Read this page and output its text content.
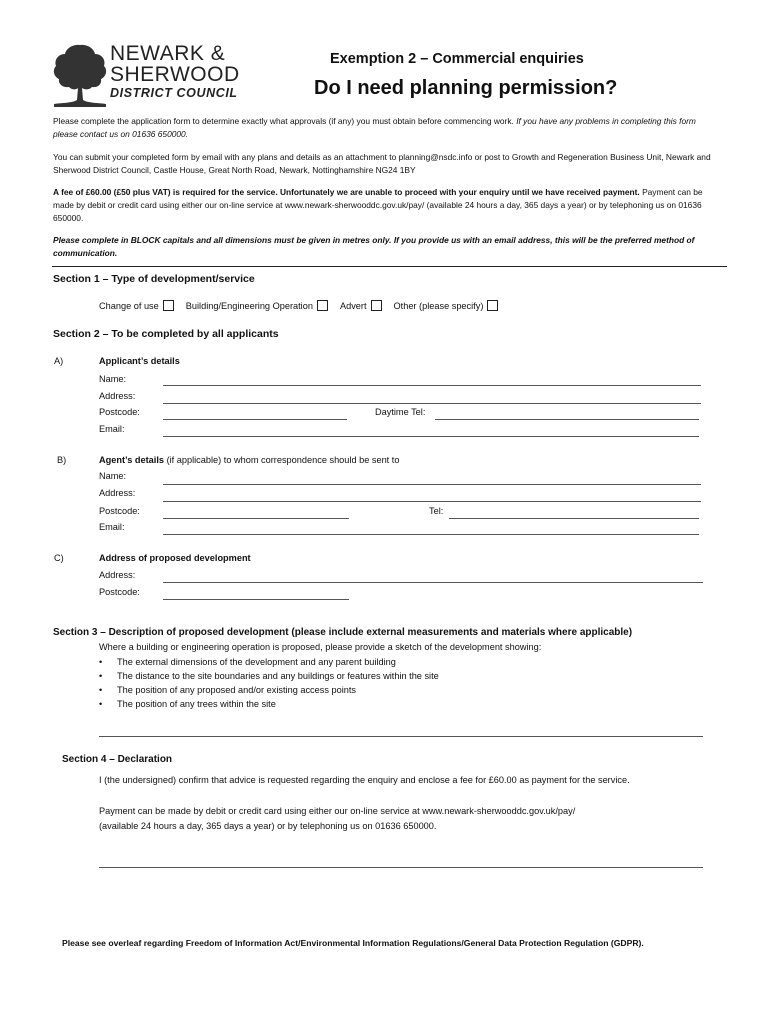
NEWARK &
SHERWOOD
DISTRICT COUNCIL
Exemption 2 – Commercial enquiries
Do I need planning permission?
Please complete the application form to determine exactly what approvals (if any) you must obtain before commencing work. If you have any problems in completing this form please contact us on 01636 650000.
You can submit your completed form by email with any plans and details as an attachment to planning@nsdc.info or post to Growth and Regeneration Business Unit, Newark and Sherwood District Council, Castle House, Great North Road, Newark, Nottinghamshire NG24 1BY
A fee of £60.00 (£50 plus VAT) is required for the service. Unfortunately we are unable to proceed with your enquiry until we have received payment. Payment can be made by debit or credit card using either our on-line service at www.newark-sherwooddc.gov.uk/pay/ (available 24 hours a day, 365 days a year) or by telephoning us on 01636 650000.
Please complete in BLOCK capitals and all dimensions must be given in metres only. If you provide us with an email address, this will be the preferred method of communication.
Section 1 – Type of development/service
Change of use	Building/Engineering Operation	Advert	Other (please specify)
Section 2 – To be completed by all applicants
A)	Applicant’s details
Name:
Address:
Postcode:	Daytime Tel:
Email:
B)	Agent’s details (if applicable) to whom correspondence should be sent to
Name:
Address:
Postcode:	Tel:
Email:
C)	Address of proposed development
Address:
Postcode:
Section 3 – Description of proposed development (please include external measurements and materials where applicable)
Where a building or engineering operation is proposed, please provide a sketch of the development showing:
• The external dimensions of the development and any parent building
• The distance to the site boundaries and any buildings or features within the site
• The position of any proposed and/or existing access points
• The position of any trees within the site
Section 4 – Declaration
I (the undersigned) confirm that advice is requested regarding the enquiry and enclose a fee for £60.00 as payment for the service.
Payment can be made by debit or credit card using either our on-line service at www.newark-sherwooddc.gov.uk/pay/
(available 24 hours a day, 365 days a year) or by telephoning us on 01636 650000.
Please see overleaf regarding Freedom of Information Act/Environmental Information Regulations/General Data Protection Regulation (GDPR).
